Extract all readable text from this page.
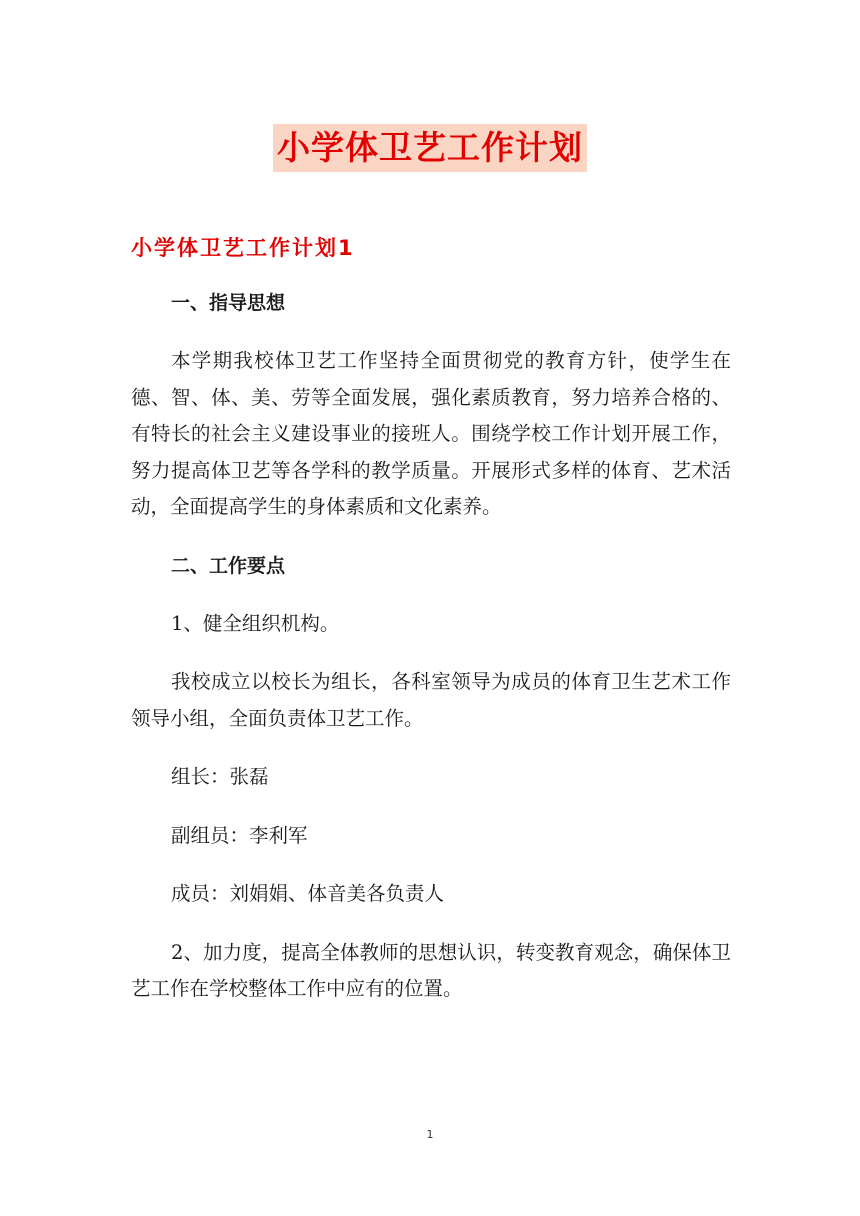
小学体卫艺工作计划
小学体卫艺工作计划1
一、指导思想

本学期我校体卫艺工作坚持全面贯彻党的教育方针，使学生在德、智、体、美、劳等全面发展，强化素质教育，努力培养合格的、有特长的社会主义建设事业的接班人。围绕学校工作计划开展工作，努力提高体卫艺等各学科的教学质量。开展形式多样的体育、艺术活动，全面提高学生的身体素质和文化素养。

二、工作要点

1、健全组织机构。

我校成立以校长为组长，各科室领导为成员的体育卫生艺术工作领导小组，全面负责体卫艺工作。

组长：张磊

副组员：李利军

成员：刘娟娟、体音美各负责人

2、加力度，提高全体教师的思想认识，转变教育观念，确保体卫艺工作在学校整体工作中应有的位置。

1
